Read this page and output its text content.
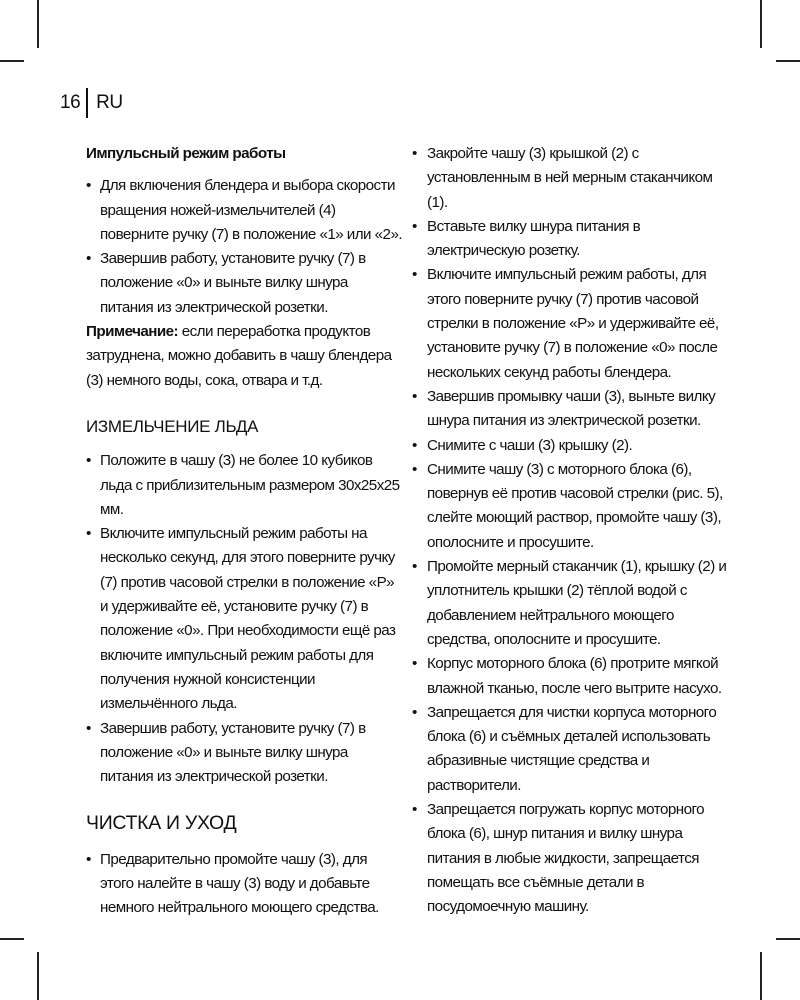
16 RU
Импульсный режим работы
• Для включения блендера и выбора скорости вращения ножей-измельчителей (4) поверните ручку (7) в положение «1» или «2».
• Завершив работу, установите ручку (7) в положение «0» и выньте вилку шнура питания из электрической розетки.

Примечание: если переработка продуктов затруднена, можно добавить в чашу блендера (3) немного воды, сока, отвара и т.д.

ИЗМЕЛЬЧЕНИЕ ЛЬДА
• Положите в чашу (3) не более 10 кубиков льда с приблизительным размером 30х25х25 мм.
• Включите импульсный режим работы на несколько секунд, для этого поверните ручку (7) против часовой стрелки в положение «P» и удерживайте её, установите ручку (7) в положение «0». При необходимости ещё раз включите импульсный режим работы для получения нужной консистенции измельчённого льда.
• Завершив работу, установите ручку (7) в положение «0» и выньте вилку шнура питания из электрической розетки.
ЧИСТКА И УХОД
• Предварительно промойте чашу (3), для этого налейте в чашу (3) воду и добавьте немного нейтрального моющего средства.
• Закройте чашу (3) крышкой (2) с установленным в ней мерным стаканчиком (1).
• Вставьте вилку шнура питания в электрическую розетку.
• Включите импульсный режим работы, для этого поверните ручку (7) против часовой стрелки в положение «P» и удерживайте её, установите ручку (7) в положение «0» после нескольких секунд работы блендера.
• Завершив промывку чаши (3), выньте вилку шнура питания из электрической розетки.
• Снимите с чаши (3) крышку (2).
• Снимите чашу (3) с моторного блока (6), повернув её против часовой стрелки (рис. 5), слейте моющий раствор, промойте чашу (3), ополосните и просушите.
• Промойте мерный стаканчик (1), крышку (2) и уплотнитель крышки (2) тёплой водой с добавлением нейтрального моющего средства, ополосните и просушите.
• Корпус моторного блока (6) протрите мягкой влажной тканью, после чего вытрите насухо.
• Запрещается для чистки корпуса моторного блока (6) и съёмных деталей использовать абразивные чистящие средства и растворители.
• Запрещается погружать корпус моторного блока (6), шнур питания и вилку шнура питания в любые жидкости, запрещается помещать все съёмные детали в посудомоечную машину.
